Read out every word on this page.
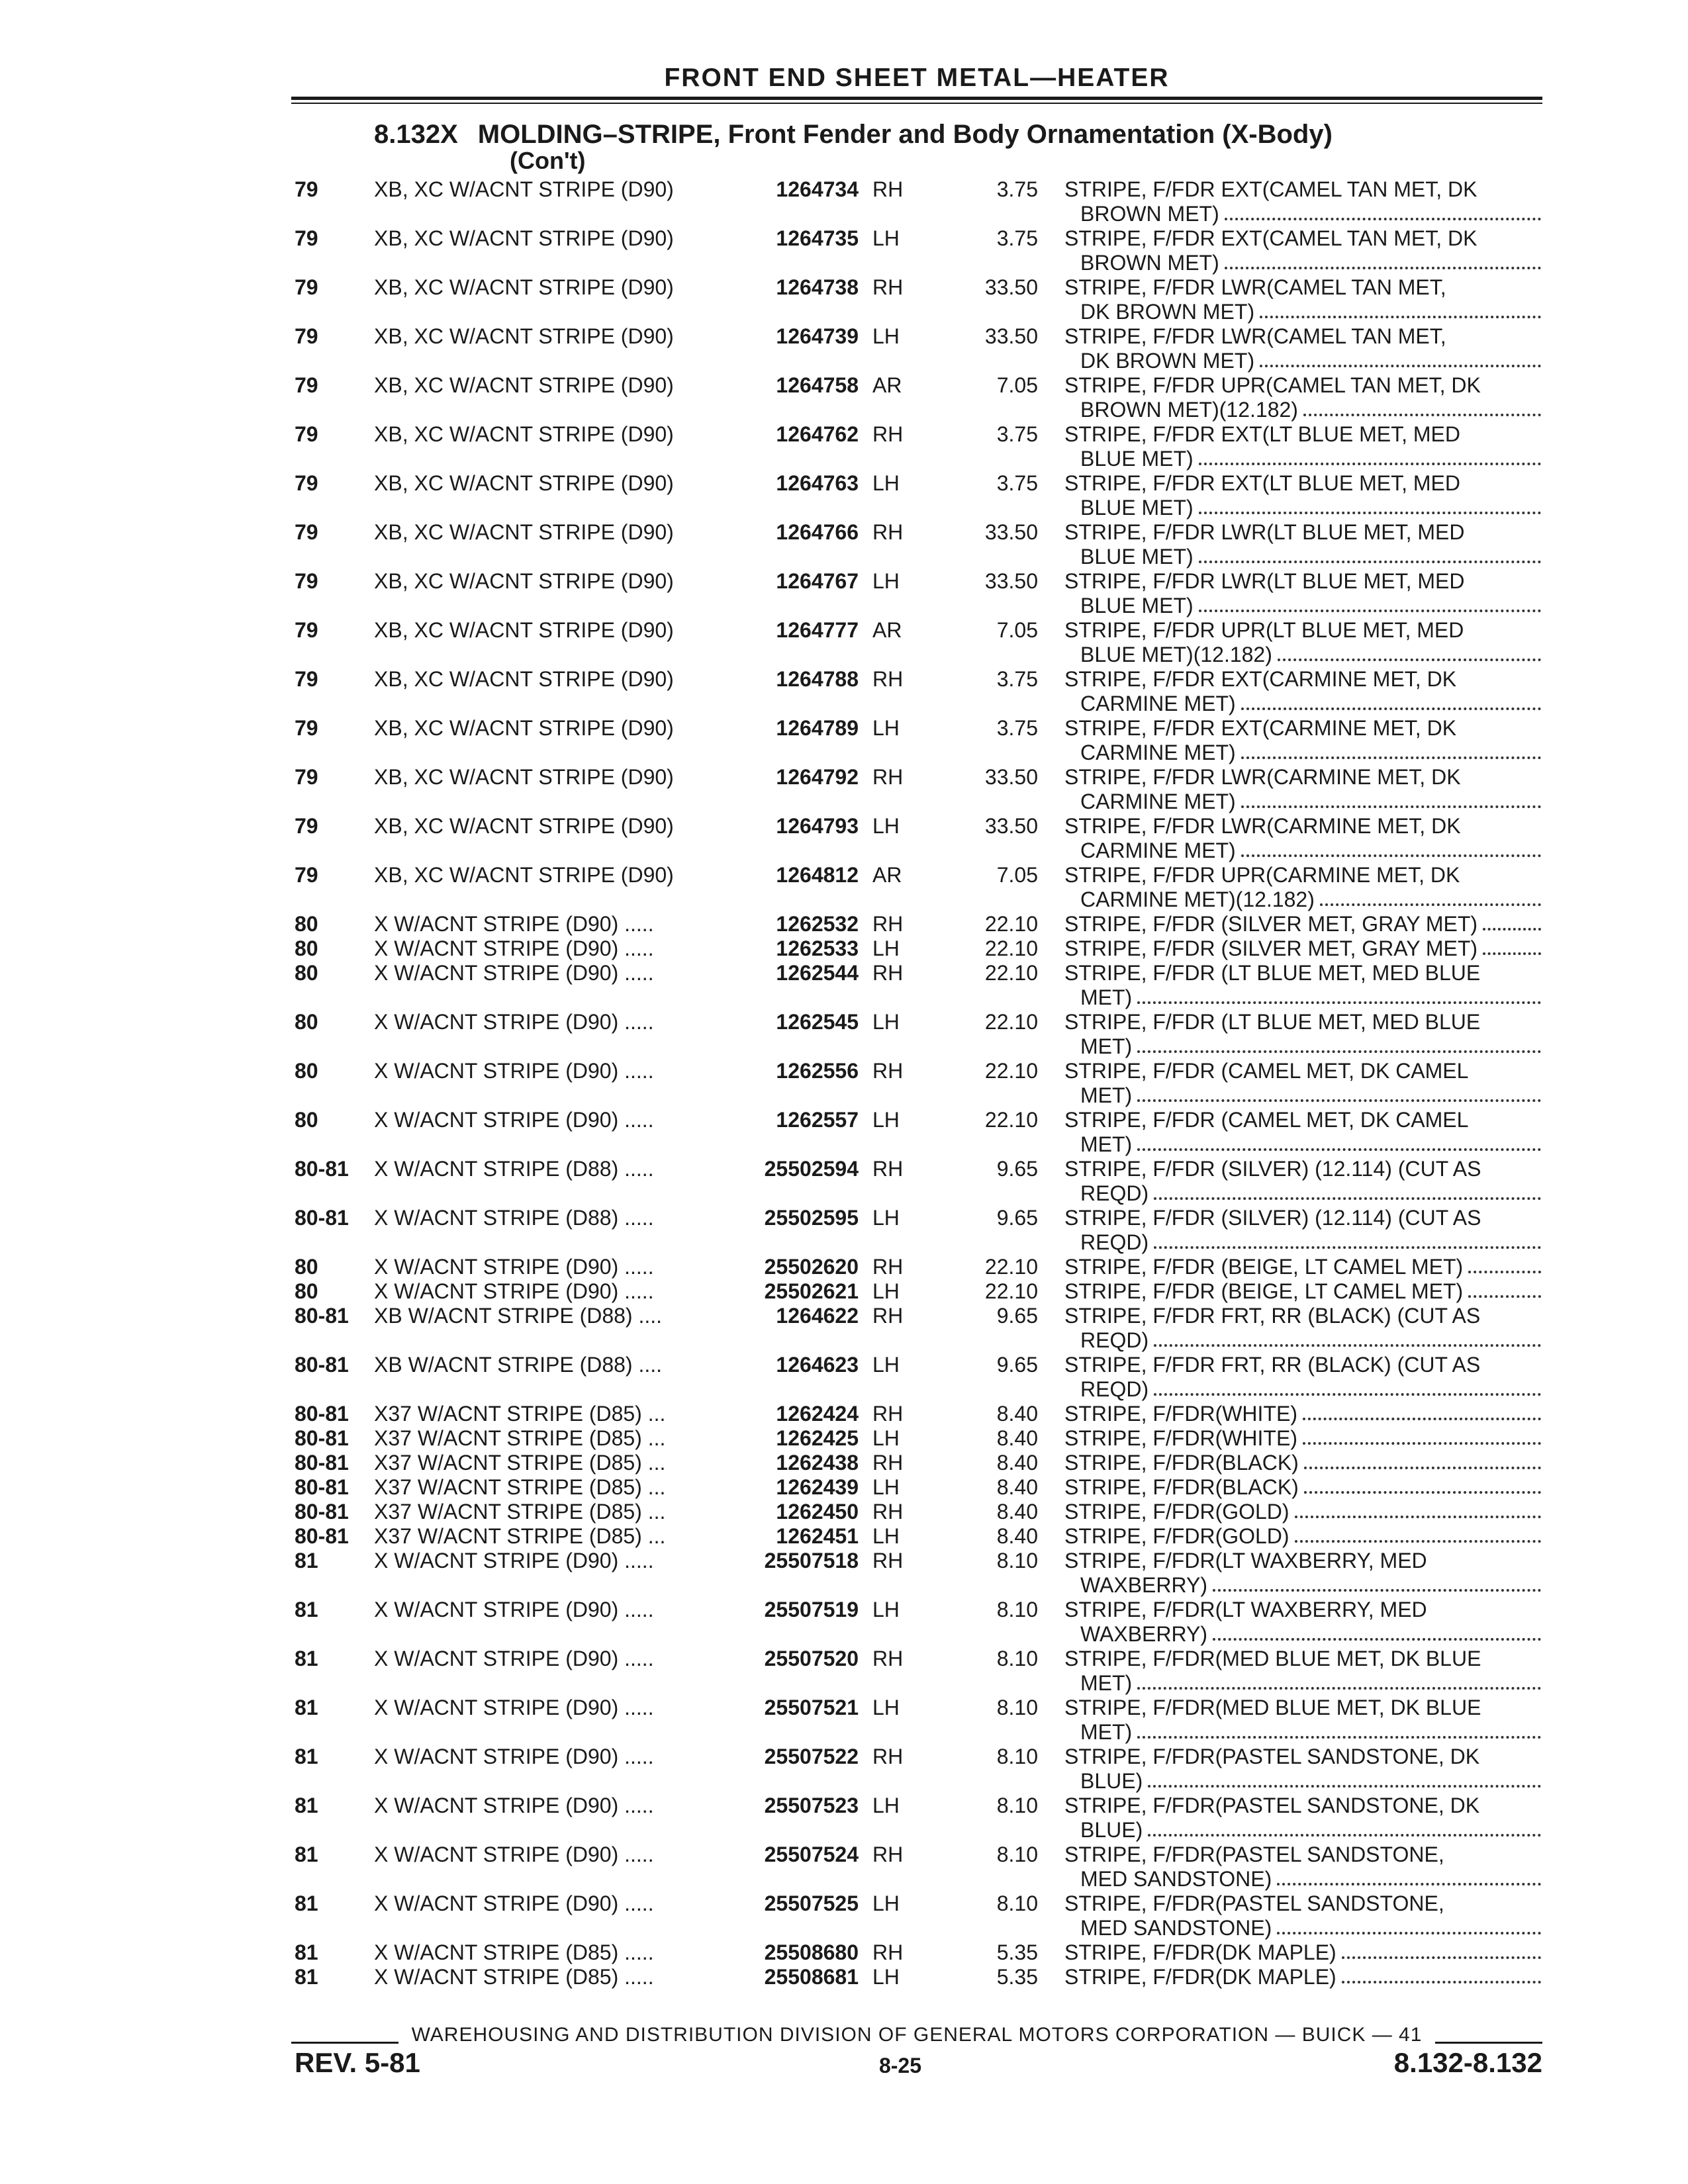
FRONT END SHEET METAL—HEATER
8.132X MOLDING–STRIPE, Front Fender and Body Ornamentation (X-Body)
(Con't)
79	XB, XC W/ACNT STRIPE (D90)	1264734 RH	3.75 STRIPE, F/FDR EXT(CAMEL TAN MET, DK
BROWN MET)
79	XB, XC W/ACNT STRIPE (D90)	1264735 LH	3.75 STRIPE, F/FDR EXT(CAMEL TAN MET, DK
BROWN MET)
79	XB, XC W/ACNT STRIPE (D90)	1264738 RH	33.50 STRIPE, F/FDR LWR(CAMEL TAN MET,
DK BROWN MET)
79	XB, XC W/ACNT STRIPE (D90)	1264739 LH	33.50 STRIPE, F/FDR LWR(CAMEL TAN MET,
DK BROWN MET)
79	XB, XC W/ACNT STRIPE (D90)	1264758 AR	7.05 STRIPE, F/FDR UPR(CAMEL TAN MET, DK
BROWN MET)(12.182)
79	XB, XC W/ACNT STRIPE (D90)	1264762 RH	3.75 STRIPE, F/FDR EXT(LT BLUE MET, MED
BLUE MET)
79	XB, XC W/ACNT STRIPE (D90)	1264763 LH	3.75 STRIPE, F/FDR EXT(LT BLUE MET, MED
BLUE MET)
79	XB, XC W/ACNT STRIPE (D90)	1264766 RH	33.50 STRIPE, F/FDR LWR(LT BLUE MET, MED
BLUE MET)
79	XB, XC W/ACNT STRIPE (D90)	1264767 LH	33.50 STRIPE, F/FDR LWR(LT BLUE MET, MED
BLUE MET)
79	XB, XC W/ACNT STRIPE (D90)	1264777 AR	7.05 STRIPE, F/FDR UPR(LT BLUE MET, MED
BLUE MET)(12.182)
79	XB, XC W/ACNT STRIPE (D90)	1264788 RH	3.75 STRIPE, F/FDR EXT(CARMINE MET, DK
CARMINE MET)
79	XB, XC W/ACNT STRIPE (D90)	1264789 LH	3.75 STRIPE, F/FDR EXT(CARMINE MET, DK
CARMINE MET)
79	XB, XC W/ACNT STRIPE (D90)	1264792 RH	33.50 STRIPE, F/FDR LWR(CARMINE MET, DK
CARMINE MET)
79	XB, XC W/ACNT STRIPE (D90)	1264793 LH	33.50 STRIPE, F/FDR LWR(CARMINE MET, DK
CARMINE MET)
79	XB, XC W/ACNT STRIPE (D90)	1264812 AR	7.05 STRIPE, F/FDR UPR(CARMINE MET, DK
CARMINE MET)(12.182)
80	X W/ACNT STRIPE (D90) .....	1262532 RH	22.10 STRIPE, F/FDR (SILVER MET, GRAY MET)
80	X W/ACNT STRIPE (D90) .....	1262533 LH	22.10 STRIPE, F/FDR (SILVER MET, GRAY MET)
80	X W/ACNT STRIPE (D90) .....	1262544 RH	22.10 STRIPE, F/FDR (LT BLUE MET, MED BLUE
MET)
80	X W/ACNT STRIPE (D90) .....	1262545 LH	22.10 STRIPE, F/FDR (LT BLUE MET, MED BLUE
MET)
80	X W/ACNT STRIPE (D90) .....	1262556 RH	22.10 STRIPE, F/FDR (CAMEL MET, DK CAMEL
MET)
80	X W/ACNT STRIPE (D90) .....	1262557 LH	22.10 STRIPE, F/FDR (CAMEL MET, DK CAMEL
MET)
80-81 X W/ACNT STRIPE (D88) .....	25502594 RH	9.65 STRIPE, F/FDR (SILVER) (12.114) (CUT AS
REQD)
80-81 X W/ACNT STRIPE (D88) .....	25502595 LH	9.65 STRIPE, F/FDR (SILVER) (12.114) (CUT AS
REQD)
80	X W/ACNT STRIPE (D90) .....	25502620 RH	22.10 STRIPE, F/FDR (BEIGE, LT CAMEL MET)
80	X W/ACNT STRIPE (D90) .....	25502621 LH	22.10 STRIPE, F/FDR (BEIGE, LT CAMEL MET)
80-81 XB W/ACNT STRIPE (D88) ....	1264622 RH	9.65 STRIPE, F/FDR FRT, RR (BLACK) (CUT AS
REQD)
80-81 XB W/ACNT STRIPE (D88) ....	1264623 LH	9.65 STRIPE, F/FDR FRT, RR (BLACK) (CUT AS
REQD)
80-81 X37 W/ACNT STRIPE (D85) ...	1262424 RH	8.40 STRIPE, F/FDR(WHITE)
80-81 X37 W/ACNT STRIPE (D85) ...	1262425 LH	8.40 STRIPE, F/FDR(WHITE)
80-81 X37 W/ACNT STRIPE (D85) ...	1262438 RH	8.40 STRIPE, F/FDR(BLACK)
80-81 X37 W/ACNT STRIPE (D85) ...	1262439 LH	8.40 STRIPE, F/FDR(BLACK)
80-81 X37 W/ACNT STRIPE (D85) ...	1262450 RH	8.40 STRIPE, F/FDR(GOLD)
80-81 X37 W/ACNT STRIPE (D85) ...	1262451 LH	8.40 STRIPE, F/FDR(GOLD)
81	X W/ACNT STRIPE (D90) .....	25507518 RH	8.10 STRIPE, F/FDR(LT WAXBERRY, MED
WAXBERRY)
81	X W/ACNT STRIPE (D90) .....	25507519 LH	8.10 STRIPE, F/FDR(LT WAXBERRY, MED
WAXBERRY)
81	X W/ACNT STRIPE (D90) .....	25507520 RH	8.10 STRIPE, F/FDR(MED BLUE MET, DK BLUE
MET)
81	X W/ACNT STRIPE (D90) .....	25507521 LH	8.10 STRIPE, F/FDR(MED BLUE MET, DK BLUE
MET)
81	X W/ACNT STRIPE (D90) .....	25507522 RH	8.10 STRIPE, F/FDR(PASTEL SANDSTONE, DK
BLUE)
81	X W/ACNT STRIPE (D90) .....	25507523 LH	8.10 STRIPE, F/FDR(PASTEL SANDSTONE, DK
BLUE)
81	X W/ACNT STRIPE (D90) .....	25507524 RH	8.10 STRIPE, F/FDR(PASTEL SANDSTONE,
MED SANDSTONE)
81	X W/ACNT STRIPE (D90) .....	25507525 LH	8.10 STRIPE, F/FDR(PASTEL SANDSTONE,
MED SANDSTONE)
81	X W/ACNT STRIPE (D85) .....	25508680 RH	5.35 STRIPE, F/FDR(DK MAPLE)
81	X W/ACNT STRIPE (D85) .....	25508681 LH	5.35 STRIPE, F/FDR(DK MAPLE)
WAREHOUSING AND DISTRIBUTION DIVISION OF GENERAL MOTORS CORPORATION — BUICK — 41
REV. 5-81	8-25	8.132-8.132
